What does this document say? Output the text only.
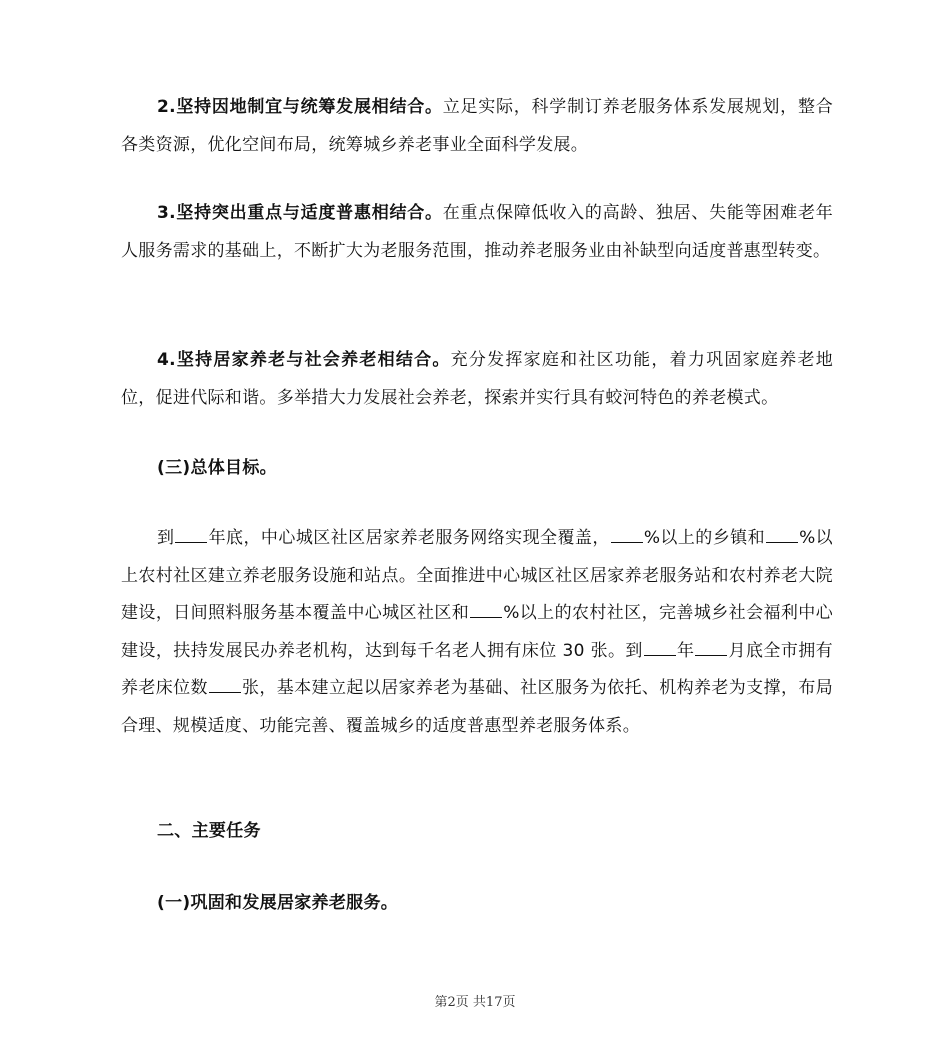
2.坚持因地制宜与统筹发展相结合。立足实际，科学制订养老服务体系发展规划，整合各类资源，优化空间布局，统筹城乡养老事业全面科学发展。

3.坚持突出重点与适度普惠相结合。在重点保障低收入的高龄、独居、失能等困难老年人服务需求的基础上，不断扩大为老服务范围，推动养老服务业由补缺型向适度普惠型转变。

4.坚持居家养老与社会养老相结合。充分发挥家庭和社区功能，着力巩固家庭养老地位，促进代际和谐。多举措大力发展社会养老，探索并实行具有蛟河特色的养老模式。

(三)总体目标。

到 年底，中心城区社区居家养老服务网络实现全覆盖， %以上的乡镇和 %以上农村社区建立养老服务设施和站点。全面推进中心城区社区居家养老服务站和农村养老大院建设，日间照料服务基本覆盖中心城区社区和 %以上的农村社区，完善城乡社会福利中心建设，扶持发展民办养老机构，达到每千名老人拥有床位 30 张。到 年 月底全市拥有养老床位数 张，基本建立起以居家养老为基础、社区服务为依托、机构养老为支撑，布局合理、规模适度、功能完善、覆盖城乡的适度普惠型养老服务体系。

二、主要任务

(一)巩固和发展居家养老服务。

第2页 共17页
